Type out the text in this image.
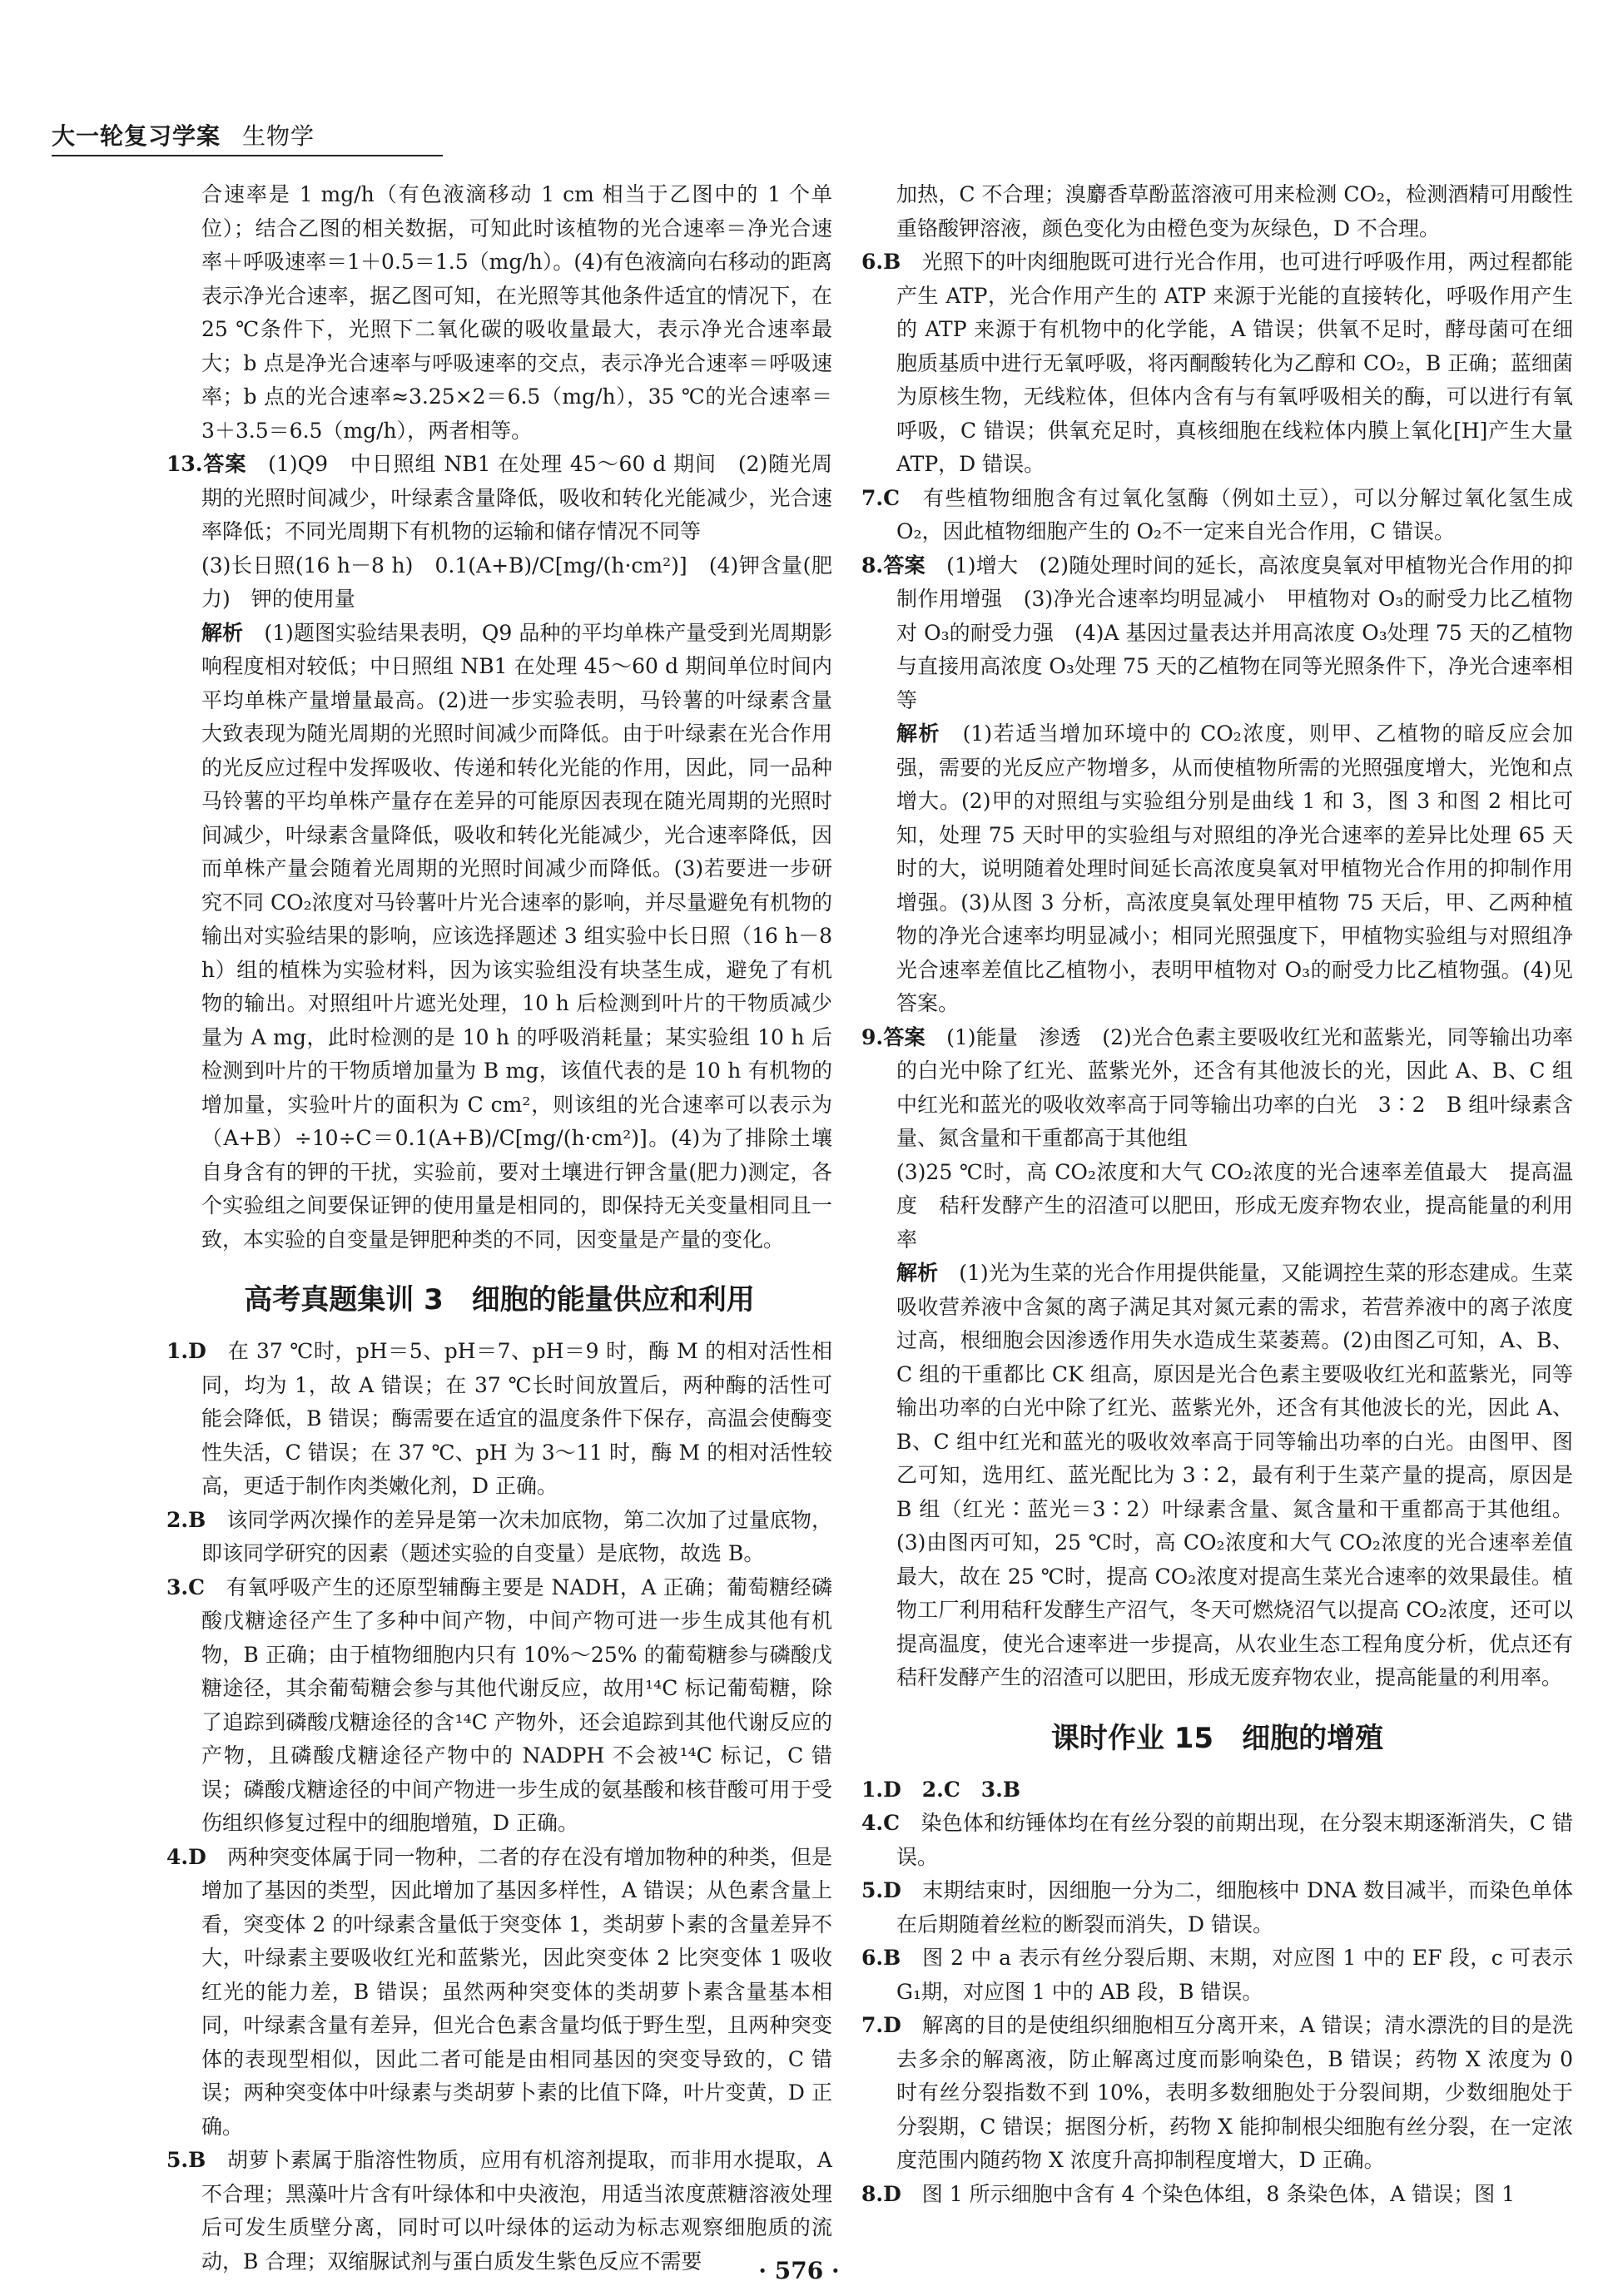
大一轮复习学案 生物学

合速率是 1 mg/h（有色液滴移动 1 cm 相当于乙图中的 1 个单位）；结合乙图的相关数据，可知此时该植物的光合速率＝净光合速率＋呼吸速率＝1＋0.5＝1.5（mg/h）。(4)有色液滴向右移动的距离表示净光合速率，据乙图可知，在光照等其他条件适宜的情况下，在 25 ℃条件下，光照下二氧化碳的吸收量最大，表示净光合速率最大；b 点是净光合速率与呼吸速率的交点，表示净光合速率＝呼吸速率；b 点的光合速率≈3.25×2＝6.5（mg/h），35 ℃的光合速率＝3＋3.5＝6.5（mg/h），两者相等。

13.答案　 (1)Q9　中日照组 NB1 在处理 45～60 d 期间　(2)随光周期的光照时间减少，叶绿素含量降低，吸收和转化光能减少，光合速率降低；不同光周期下有机物的运输和储存情况不同等

(3)长日照(16 h－8 h)　0.1(A+B)/C[mg/(h·cm²)]　(4)钾含量(肥力)　钾的使用量

解析　 (1)题图实验结果表明，Q9 品种的平均单株产量受到光周期影响程度相对较低；中日照组 NB1 在处理 45～60 d 期间单位时间内平均单株产量增量最高。(2)进一步实验表明，马铃薯的叶绿素含量大致表现为随光周期的光照时间减少而降低。由于叶绿素在光合作用的光反应过程中发挥吸收、传递和转化光能的作用，因此，同一品种马铃薯的平均单株产量存在差异的可能原因表现在随光周期的光照时间减少，叶绿素含量降低，吸收和转化光能减少，光合速率降低，因而单株产量会随着光周期的光照时间减少而降低。(3)若要进一步研究不同 CO₂浓度对马铃薯叶片光合速率的影响，并尽量避免有机物的输出对实验结果的影响，应该选择题述 3 组实验中长日照（16 h－8 h）组的植株为实验材料，因为该实验组没有块茎生成，避免了有机物的输出。对照组叶片遮光处理，10 h 后检测到叶片的干物质减少量为 A mg，此时检测的是 10 h 的呼吸消耗量；某实验组 10 h 后检测到叶片的干物质增加量为 B mg，该值代表的是 10 h 有机物的增加量，实验叶片的面积为 C cm²，则该组的光合速率可以表示为（A+B）÷10÷C＝0.1(A+B)/C[mg/(h·cm²)]。(4)为了排除土壤自身含有的钾的干扰，实验前，要对土壤进行钾含量(肥力)测定，各个实验组之间要保证钾的使用量是相同的，即保持无关变量相同且一致，本实验的自变量是钾肥种类的不同，因变量是产量的变化。

高考真题集训 3　细胞的能量供应和利用

1.D　 在 37 ℃时，pH＝5、pH＝7、pH＝9 时，酶 M 的相对活性相同，均为 1，故 A 错误；在 37 ℃长时间放置后，两种酶的活性可能会降低，B 错误；酶需要在适宜的温度条件下保存，高温会使酶变性失活，C 错误；在 37 ℃、pH 为 3～11 时，酶 M 的相对活性较高，更适于制作肉类嫩化剂，D 正确。

2.B　 该同学两次操作的差异是第一次未加底物，第二次加了过量底物，即该同学研究的因素（题述实验的自变量）是底物，故选 B。

3.C　 有氧呼吸产生的还原型辅酶主要是 NADH，A 正确；葡萄糖经磷酸戊糖途径产生了多种中间产物，中间产物可进一步生成其他有机物，B 正确；由于植物细胞内只有 10%～25% 的葡萄糖参与磷酸戊糖途径，其余葡萄糖会参与其他代谢反应，故用¹⁴C 标记葡萄糖，除了追踪到磷酸戊糖途径的含¹⁴C 产物外，还会追踪到其他代谢反应的产物，且磷酸戊糖途径产物中的 NADPH 不会被¹⁴C 标记，C 错误；磷酸戊糖途径的中间产物进一步生成的氨基酸和核苷酸可用于受伤组织修复过程中的细胞增殖，D 正确。

4.D　 两种突变体属于同一物种，二者的存在没有增加物种的种类，但是增加了基因的类型，因此增加了基因多样性，A 错误；从色素含量上看，突变体 2 的叶绿素含量低于突变体 1，类胡萝卜素的含量差异不大，叶绿素主要吸收红光和蓝紫光，因此突变体 2 比突变体 1 吸收红光的能力差，B 错误；虽然两种突变体的类胡萝卜素含量基本相同，叶绿素含量有差异，但光合色素含量均低于野生型，且两种突变体的表现型相似，因此二者可能是由相同基因的突变导致的，C 错误；两种突变体中叶绿素与类胡萝卜素的比值下降，叶片变黄，D 正确。

5.B　 胡萝卜素属于脂溶性物质，应用有机溶剂提取，而非用水提取，A 不合理；黑藻叶片含有叶绿体和中央液泡，用适当浓度蔗糖溶液处理后可发生质壁分离，同时可以叶绿体的运动为标志观察细胞质的流动，B 合理；双缩脲试剂与蛋白质发生紫色反应不需要

加热，C 不合理；溴麝香草酚蓝溶液可用来检测 CO₂，检测酒精可用酸性重铬酸钾溶液，颜色变化为由橙色变为灰绿色，D 不合理。

6.B　 光照下的叶肉细胞既可进行光合作用，也可进行呼吸作用，两过程都能产生 ATP，光合作用产生的 ATP 来源于光能的直接转化，呼吸作用产生的 ATP 来源于有机物中的化学能，A 错误；供氧不足时，酵母菌可在细胞质基质中进行无氧呼吸，将丙酮酸转化为乙醇和 CO₂，B 正确；蓝细菌为原核生物，无线粒体，但体内含有与有氧呼吸相关的酶，可以进行有氧呼吸，C 错误；供氧充足时，真核细胞在线粒体内膜上氧化[H]产生大量 ATP，D 错误。

7.C　 有些植物细胞含有过氧化氢酶（例如土豆），可以分解过氧化氢生成 O₂，因此植物细胞产生的 O₂不一定来自光合作用，C 错误。

8.答案　 (1)增大　(2)随处理时间的延长，高浓度臭氧对甲植物光合作用的抑制作用增强　(3)净光合速率均明显减小　甲植物对 O₃的耐受力比乙植物对 O₃的耐受力强　(4)A 基因过量表达并用高浓度 O₃处理 75 天的乙植物与直接用高浓度 O₃处理 75 天的乙植物在同等光照条件下，净光合速率相等

解析　 (1)若适当增加环境中的 CO₂浓度，则甲、乙植物的暗反应会加强，需要的光反应产物增多，从而使植物所需的光照强度增大，光饱和点增大。(2)甲的对照组与实验组分别是曲线 1 和 3，图 3 和图 2 相比可知，处理 75 天时甲的实验组与对照组的净光合速率的差异比处理 65 天时的大，说明随着处理时间延长高浓度臭氧对甲植物光合作用的抑制作用增强。(3)从图 3 分析，高浓度臭氧处理甲植物 75 天后，甲、乙两种植物的净光合速率均明显减小；相同光照强度下，甲植物实验组与对照组净光合速率差值比乙植物小，表明甲植物对 O₃的耐受力比乙植物强。(4)见答案。

9.答案　 (1)能量　渗透　(2)光合色素主要吸收红光和蓝紫光，同等输出功率的白光中除了红光、蓝紫光外，还含有其他波长的光，因此 A、B、C 组中红光和蓝光的吸收效率高于同等输出功率的白光　3∶2　B 组叶绿素含量、氮含量和干重都高于其他组

(3)25 ℃时，高 CO₂浓度和大气 CO₂浓度的光合速率差值最大　提高温度　秸秆发酵产生的沼渣可以肥田，形成无废弃物农业，提高能量的利用率

解析　 (1)光为生菜的光合作用提供能量，又能调控生菜的形态建成。生菜吸收营养液中含氮的离子满足其对氮元素的需求，若营养液中的离子浓度过高，根细胞会因渗透作用失水造成生菜萎蔫。(2)由图乙可知，A、B、C 组的干重都比 CK 组高，原因是光合色素主要吸收红光和蓝紫光，同等输出功率的白光中除了红光、蓝紫光外，还含有其他波长的光，因此 A、B、C 组中红光和蓝光的吸收效率高于同等输出功率的白光。由图甲、图乙可知，选用红、蓝光配比为 3∶2，最有利于生菜产量的提高，原因是 B 组（红光∶蓝光＝3∶2）叶绿素含量、氮含量和干重都高于其他组。(3)由图丙可知，25 ℃时，高 CO₂浓度和大气 CO₂浓度的光合速率差值最大，故在 25 ℃时，提高 CO₂浓度对提高生菜光合速率的效果最佳。植物工厂利用秸秆发酵生产沼气，冬天可燃烧沼气以提高 CO₂浓度，还可以提高温度，使光合速率进一步提高，从农业生态工程角度分析，优点还有秸秆发酵产生的沼渣可以肥田，形成无废弃物农业，提高能量的利用率。

课时作业 15　细胞的增殖

1.D　2.C　3.B

4.C　 染色体和纺锤体均在有丝分裂的前期出现，在分裂末期逐渐消失，C 错误。

5.D　 末期结束时，因细胞一分为二，细胞核中 DNA 数目减半，而染色单体在后期随着丝粒的断裂而消失，D 错误。

6.B　 图 2 中 a 表示有丝分裂后期、末期，对应图 1 中的 EF 段，c 可表示 G₁期，对应图 1 中的 AB 段，B 错误。

7.D　 解离的目的是使组织细胞相互分离开来，A 错误；清水漂洗的目的是洗去多余的解离液，防止解离过度而影响染色，B 错误；药物 X 浓度为 0 时有丝分裂指数不到 10%，表明多数细胞处于分裂间期，少数细胞处于分裂期，C 错误；据图分析，药物 X 能抑制根尖细胞有丝分裂，在一定浓度范围内随药物 X 浓度升高抑制程度增大，D 正确。

8.D　 图 1 所示细胞中含有 4 个染色体组，8 条染色体，A 错误；图 1

· 576 ·
